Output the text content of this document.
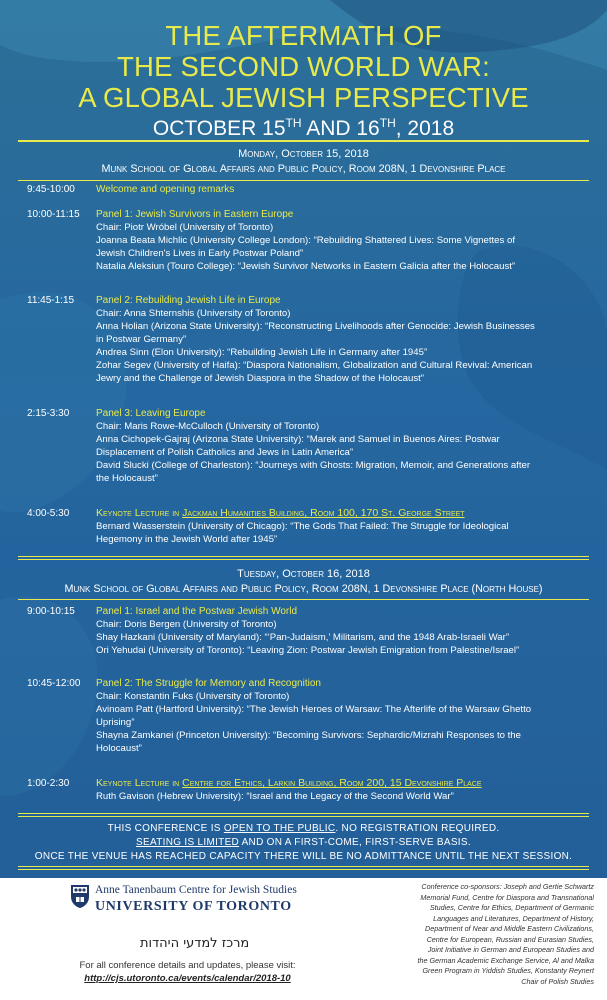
THE AFTERMATH OF
THE SECOND WORLD WAR:
A GLOBAL JEWISH PERSPECTIVE
OCTOBER 15TH AND 16TH, 2018
Monday, October 15, 2018
Munk School of Global Affairs and Public Policy, Room 208N, 1 Devonshire Place
9:45-10:00	Welcome and opening remarks
10:00-11:15	Panel 1: Jewish Survivors in Eastern Europe
Chair: Piotr Wróbel (University of Toronto)
Joanna Beata Michlic (University College London): “Rebuilding Shattered Lives: Some Vignettes of
Jewish Children's Lives in Early Postwar Poland”
Natalia Aleksiun (Touro College): “Jewish Survivor Networks in Eastern Galicia after the Holocaust”
11:45-1:15	Panel 2: Rebuilding Jewish Life in Europe
Chair: Anna Shternshis (University of Toronto)
Anna Holian (Arizona State University): “Reconstructing Livelihoods after Genocide: Jewish Businesses
in Postwar Germany”
Andrea Sinn (Elon University): “Rebuilding Jewish Life in Germany after 1945”
Zohar Segev (University of Haifa): “Diaspora Nationalism, Globalization and Cultural Revival: American
Jewry and the Challenge of Jewish Diaspora in the Shadow of the Holocaust”
2:15-3:30	Panel 3: Leaving Europe
Chair: Maris Rowe-McCulloch (University of Toronto)
Anna Cichopek-Gajraj (Arizona State University): “Marek and Samuel in Buenos Aires: Postwar
Displacement of Polish Catholics and Jews in Latin America”
David Slucki (College of Charleston): “Journeys with Ghosts: Migration, Memoir, and Generations after
the Holocaust”
4:00-5:30	Keynote Lecture in Jackman Humanities Building, Room 100, 170 St. George Street
Bernard Wasserstein (University of Chicago): “The Gods That Failed: The Struggle for Ideological
Hegemony in the Jewish World after 1945”
Tuesday, October 16, 2018
Munk School of Global Affairs and Public Policy, Room 208N, 1 Devonshire Place (North House)
9:00-10:15	Panel 1: Israel and the Postwar Jewish World
Chair: Doris Bergen (University of Toronto)
Shay Hazkani (University of Maryland): “‘Pan-Judaism,’ Militarism, and the 1948 Arab-Israeli War”
Ori Yehudai (University of Toronto): “Leaving Zion: Postwar Jewish Emigration from Palestine/Israel”
10:45-12:00	Panel 2: The Struggle for Memory and Recognition
Chair: Konstantin Fuks (University of Toronto)
Avinoam Patt (Hartford University): “The Jewish Heroes of Warsaw: The Afterlife of the Warsaw Ghetto
Uprising”
Shayna Zamkanei (Princeton University): “Becoming Survivors: Sephardic/Mizrahi Responses to the
Holocaust”
1:00-2:30	Keynote Lecture in Centre for Ethics, Larkin Building, Room 200, 15 Devonshire Place
Ruth Gavison (Hebrew University): “Israel and the Legacy of the Second World War”
THIS CONFERENCE IS OPEN TO THE PUBLIC. NO REGISTRATION REQUIRED.
SEATING IS LIMITED AND ON A FIRST-COME, FIRST-SERVE BASIS.
ONCE THE VENUE HAS REACHED CAPACITY THERE WILL BE NO ADMITTANCE UNTIL THE NEXT SESSION.
Anne Tanenbaum Centre for Jewish Studies
UNIVERSITY OF TORONTO
מרכז למדעי היהדות
For all conference details and updates, please visit:
http://cjs.utoronto.ca/events/calendar/2018-10
Conference co-sponsors: Joseph and Gertie Schwartz
Memorial Fund, Centre for Diaspora and Transnational
Studies, Centre for Ethics, Department of Germanic
Languages and Literatures, Department of History,
Department of Near and Middle Eastern Civilizations,
Centre for European, Russian and Eurasian Studies,
Joint Initiative in German and European Studies and
the German Academic Exchange Service, Al and Malka
Green Program in Yiddish Studies, Konstanty Reynert
Chair of Polish Studies
